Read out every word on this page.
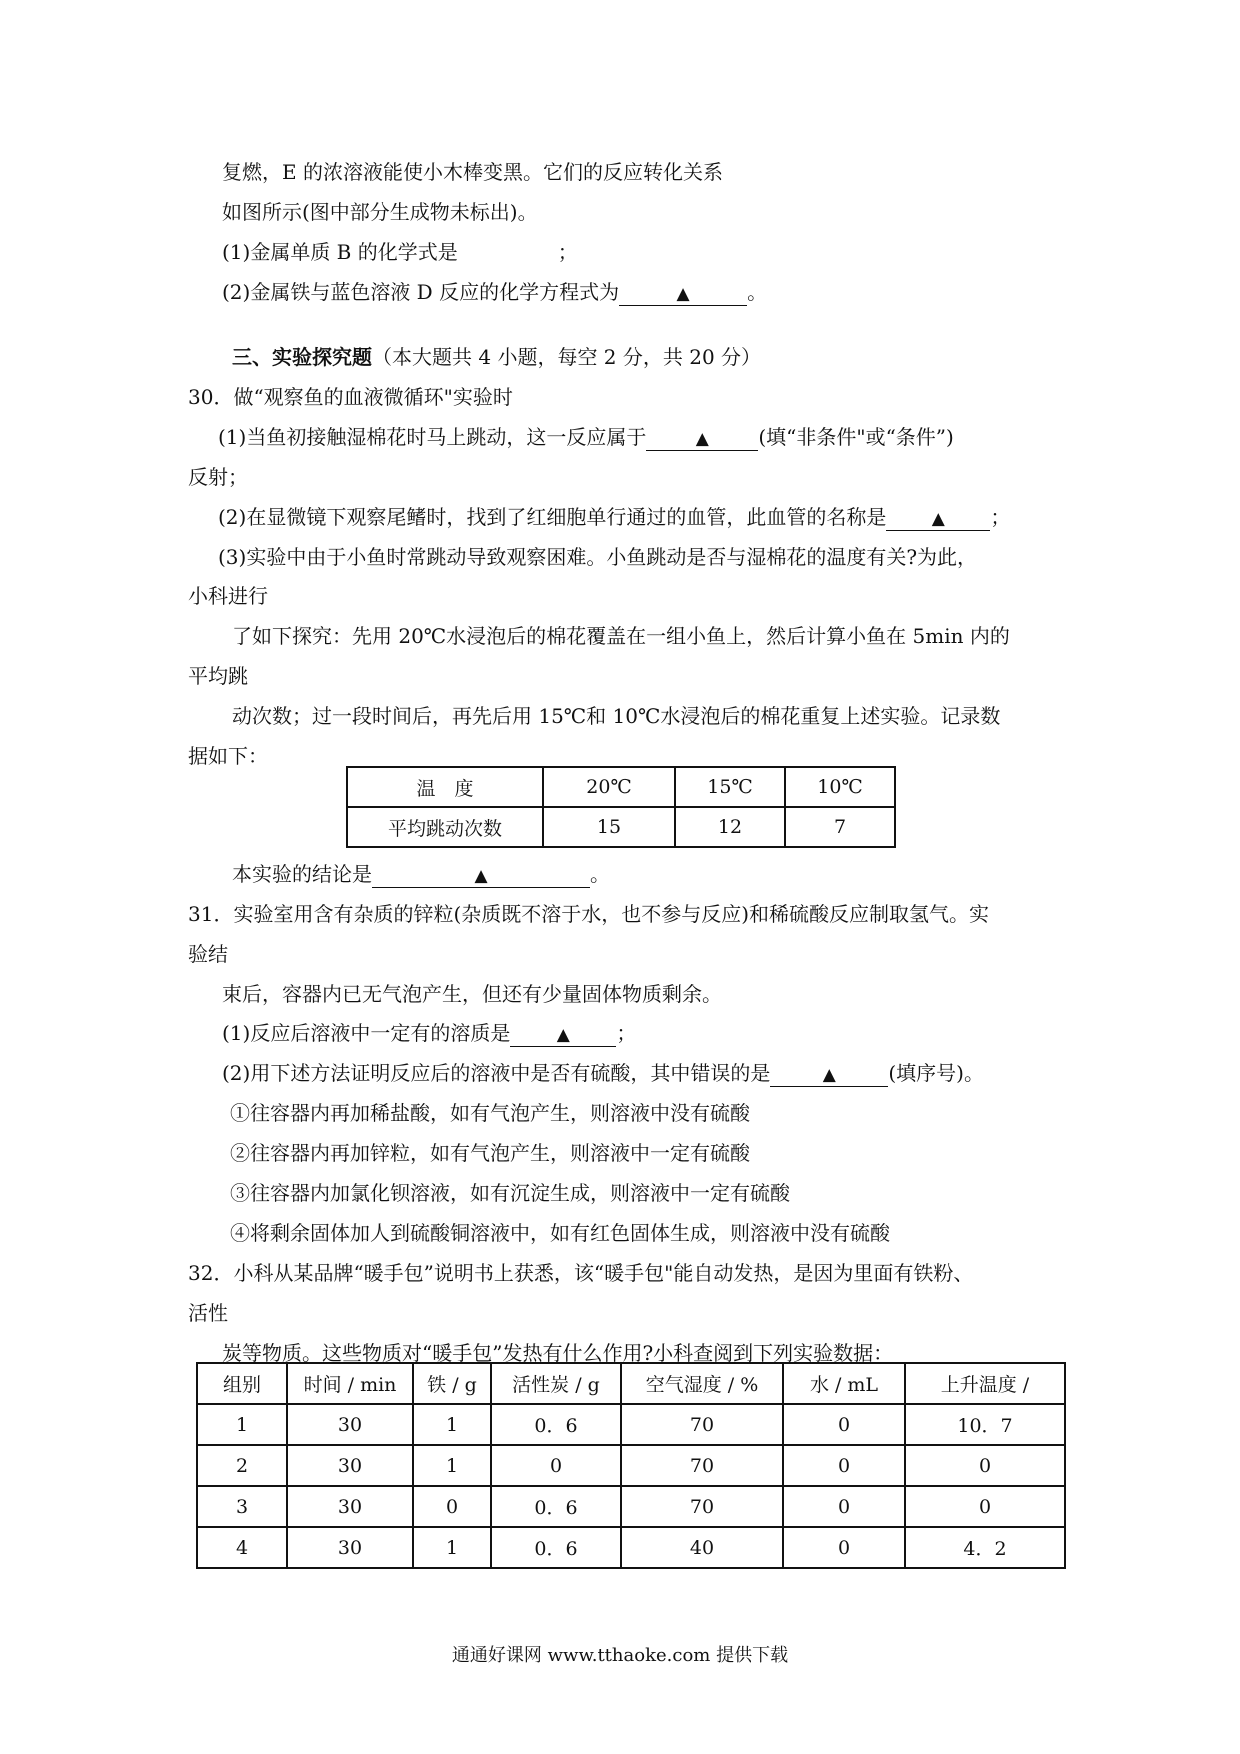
复燃，E 的浓溶液能使小木棒变黑。它们的反应转化关系
如图所示(图中部分生成物未标出)。
(1)金属单质 B 的化学式是	；
(2)金属铁与蓝色溶液 D 反应的化学方程式为	▲	。
三、实验探究题（本大题共 4 小题，每空 2 分，共 20 分）
30．做“观察鱼的血液微循环"实验时
(1)当鱼初接触湿棉花时马上跳动，这一反应属于	▲ (填“非条件"或“条件”)
反射；
(2)在显微镜下观察尾鳍时，找到了红细胞单行通过的血管，此血管的名称是	▲ ；
(3)实验中由于小鱼时常跳动导致观察困难。小鱼跳动是否与湿棉花的温度有关?为此，
小科进行
了如下探究：先用 20℃水浸泡后的棉花覆盖在一组小鱼上，然后计算小鱼在 5min 内的
平均跳
动次数；过一段时间后，再先后用 15℃和 10℃水浸泡后的棉花重复上述实验。记录数
据如下：
温　度	20℃	15℃	10℃
平均跳动次数	15	12	7
本实验的结论是	▲	。
31．实验室用含有杂质的锌粒(杂质既不溶于水，也不参与反应)和稀硫酸反应制取氢气。实
验结
束后，容器内已无气泡产生，但还有少量固体物质剩余。
(1)反应后溶液中一定有的溶质是	▲ ；
(2)用下述方法证明反应后的溶液中是否有硫酸，其中错误的是	▲	(填序号)。
①往容器内再加稀盐酸，如有气泡产生，则溶液中没有硫酸
②往容器内再加锌粒，如有气泡产生，则溶液中一定有硫酸
③往容器内加氯化钡溶液，如有沉淀生成，则溶液中一定有硫酸
④将剩余固体加人到硫酸铜溶液中，如有红色固体生成，则溶液中没有硫酸
32．小科从某品牌“暖手包”说明书上获悉，该“暖手包"能自动发热，是因为里面有铁粉、
活性
炭等物质。这些物质对“暖手包”发热有什么作用?小科查阅到下列实验数据：
组别	时间 / min	铁 / g	活性炭 / g	空气湿度 / %	水 / mL	上升温度 /
1	30	1	0．6	70	0	10．7
2	30	1	0	70	0	0
3	30	0	0．6	70	0	0
4	30	1	0．6	40	0	4．2
通通好课网 www.tthaoke.com 提供下载
